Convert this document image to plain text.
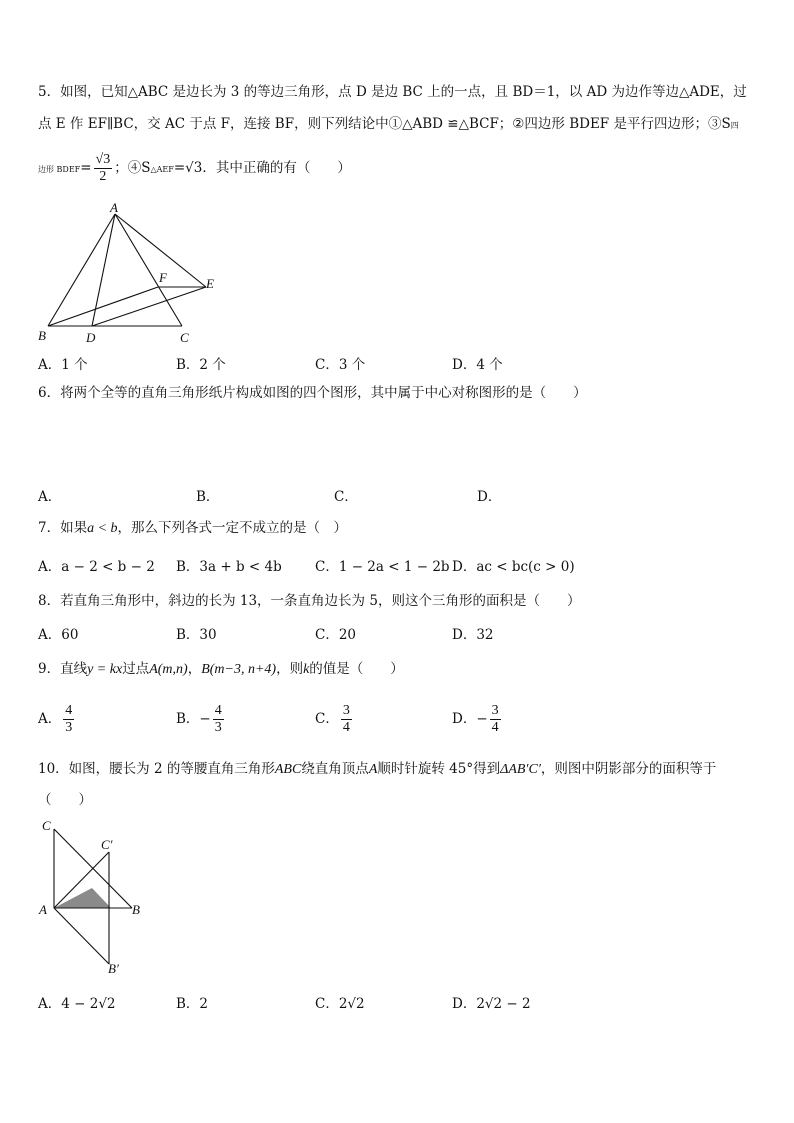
5．如图，已知△ABC 是边长为 3 的等边三角形，点 D 是边 BC 上的一点，且 BD＝1，以 AD 为边作等边△ADE，过
点 E 作 EF∥BC，交 AC 于点 F，连接 BF，则下列结论中①△ABD ≌△BCF；②四边形 BDEF 是平行四边形；③S四
边形 BDEF= $\frac{√3}{2}$ ；④S△AEF=√3．其中正确的有（　　）
A
B	D	C
F	E
A．1 个	B．2 个	C．3 个	D．4 个
6．将两个全等的直角三角形纸片构成如图的四个图形，其中属于中心对称图形的是（　　）
A．	B．	C．	D．
7．如果a < b，那么下列各式一定不成立的是（　）
A．a − 2 < b − 2 B．3a + b < 4b C．1 − 2a < 1 − 2b D．ac < bc(c > 0)
8．若直角三角形中，斜边的长为 13，一条直角边长为 5，则这个三角形的面积是（　　）
A．60	B．30	C．20	D．32
9．直线y = kx过点A(m,n)，B(m−3, n+4)，则k的值是（　　）
A． $\frac{4}{3}$	B．− $\frac{4}{3}$	C． $\frac{3}{4}$	D．− $\frac{3}{4}$
10．如图，腰长为 2 的等腰直角三角形ABC绕直角顶点A顺时针旋转 45°得到ΔAB′C′，则图中阴影部分的面积等于
（　　）
C
C′
A	B
B′
A．4 − 2√2	B．2	C．2√2	D．2√2 − 2
